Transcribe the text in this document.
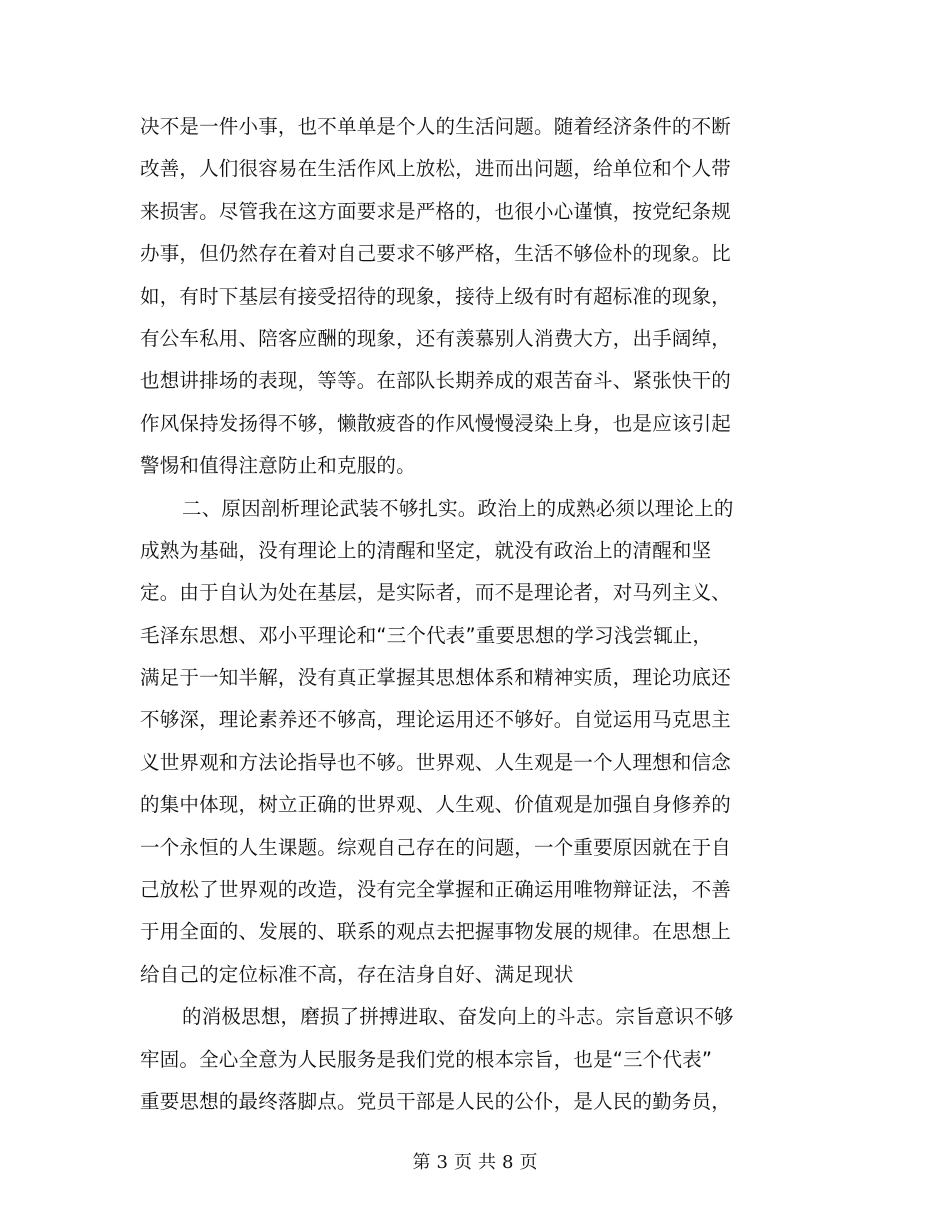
决不是一件小事，也不单单是个人的生活问题。随着经济条件的不断
改善，人们很容易在生活作风上放松，进而出问题，给单位和个人带
来损害。尽管我在这方面要求是严格的，也很小心谨慎，按党纪条规
办事，但仍然存在着对自己要求不够严格，生活不够俭朴的现象。比
如，有时下基层有接受招待的现象，接待上级有时有超标准的现象，
有公车私用、陪客应酬的现象，还有羡慕别人消费大方，出手阔绰，
也想讲排场的表现，等等。在部队长期养成的艰苦奋斗、紧张快干的
作风保持发扬得不够，懒散疲沓的作风慢慢浸染上身，也是应该引起
警惕和值得注意防止和克服的。
二、原因剖析理论武装不够扎实。政治上的成熟必须以理论上的
成熟为基础，没有理论上的清醒和坚定，就没有政治上的清醒和坚
定。由于自认为处在基层，是实际者，而不是理论者，对马列主义、
毛泽东思想、邓小平理论和“三个代表”重要思想的学习浅尝辄止，
满足于一知半解，没有真正掌握其思想体系和精神实质，理论功底还
不够深，理论素养还不够高，理论运用还不够好。自觉运用马克思主
义世界观和方法论指导也不够。世界观、人生观是一个人理想和信念
的集中体现，树立正确的世界观、人生观、价值观是加强自身修养的
一个永恒的人生课题。综观自己存在的问题，一个重要原因就在于自
己放松了世界观的改造，没有完全掌握和正确运用唯物辩证法，不善
于用全面的、发展的、联系的观点去把握事物发展的规律。在思想上
给自己的定位标准不高，存在洁身自好、满足现状
的消极思想，磨损了拼搏进取、奋发向上的斗志。宗旨意识不够
牢固。全心全意为人民服务是我们党的根本宗旨，也是“三个代表”
重要思想的最终落脚点。党员干部是人民的公仆，是人民的勤务员，
第 3 页 共 8 页
